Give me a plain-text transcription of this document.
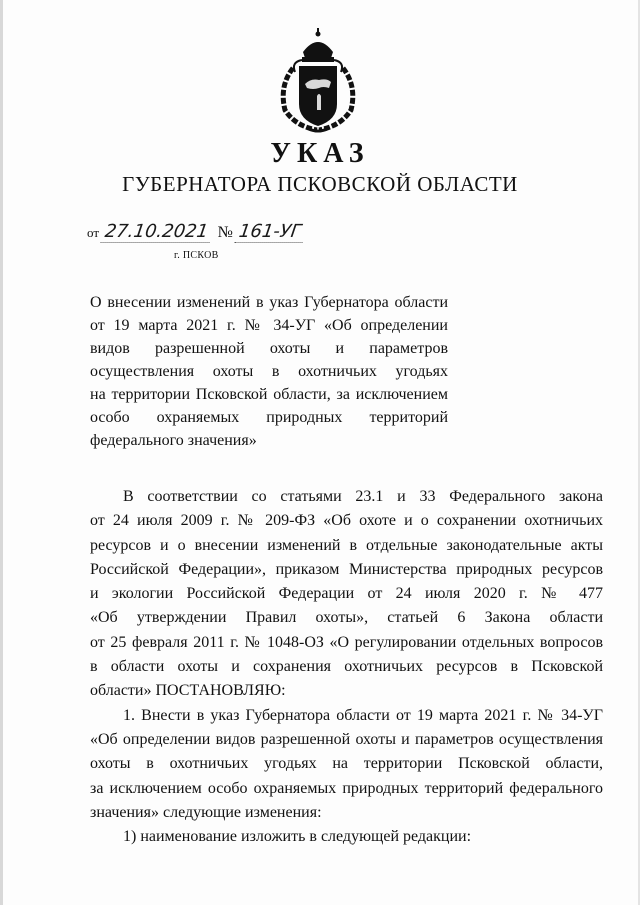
УКАЗ
ГУБЕРНАТОРА ПСКОВСКОЙ ОБЛАСТИ
от 27.10.2021 № 161-УГ
г. ПСКОВ
О внесении изменений в указ Губернатора области
от 19 марта 2021 г. № 34-УГ «Об определении
видов разрешенной охоты и параметров
осуществления охоты в охотничьих угодьях
на территории Псковской области, за исключением
особо охраняемых природных территорий
федерального значения»
В соответствии со статьями 23.1 и 33 Федерального закона
от 24 июля 2009 г. № 209-ФЗ «Об охоте и о сохранении охотничьих
ресурсов и о внесении изменений в отдельные законодательные акты
Российской Федерации», приказом Министерства природных ресурсов
и экологии Российской Федерации от 24 июля 2020 г. № 477
«Об утверждении Правил охоты», статьей 6 Закона области
от 25 февраля 2011 г. № 1048-ОЗ «О регулировании отдельных вопросов
в области охоты и сохранения охотничьих ресурсов в Псковской
области» ПОСТАНОВЛЯЮ:
1. Внести в указ Губернатора области от 19 марта 2021 г. № 34-УГ
«Об определении видов разрешенной охоты и параметров осуществления
охоты в охотничьих угодьях на территории Псковской области,
за исключением особо охраняемых природных территорий федерального
значения» следующие изменения:
1) наименование изложить в следующей редакции:
